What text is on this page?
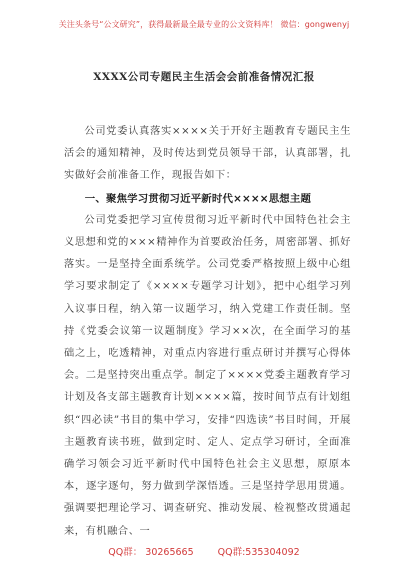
关注头条号“公文研究”，获得最新最全最专业的公文资料库！ 微信：gongwenyj
XXXX公司专题民主生活会会前准备情况汇报

公司党委认真落实××××关于开好主题教育专题民主生活会的通知精神，及时传达到党员领导干部，认真部署，扎实做好会前准备工作，现报告如下：

一、聚焦学习贯彻习近平新时代××××思想主题

公司党委把学习宣传贯彻习近平新时代中国特色社会主义思想和党的×××精神作为首要政治任务，周密部署、抓好落实。一是坚持全面系统学。公司党委严格按照上级中心组学习要求制定了《××××专题学习计划》，把中心组学习列入议事日程，纳入第一议题学习，纳入党建工作责任制。坚持《党委会议第一议题制度》学习××次，在全面学习的基础之上，吃透精神，对重点内容进行重点研讨并撰写心得体会。二是坚持突出重点学。制定了××××党委主题教育学习计划及各支部主题教育计划××××篇，按时间节点有计划组织“四必读”书目的集中学习，安排“四选读”书目时间，开展主题教育读书班，做到定时、定人、定点学习研讨，全面准确学习领会习近平新时代中国特色社会主义思想，原原本本，逐字逐句，努力做到学深悟透。三是坚持学思用贯通。强调要把理论学习、调查研究、推动发展、检视整改贯通起来，有机融合、一

QQ群： 30265665	QQ群:535304092
